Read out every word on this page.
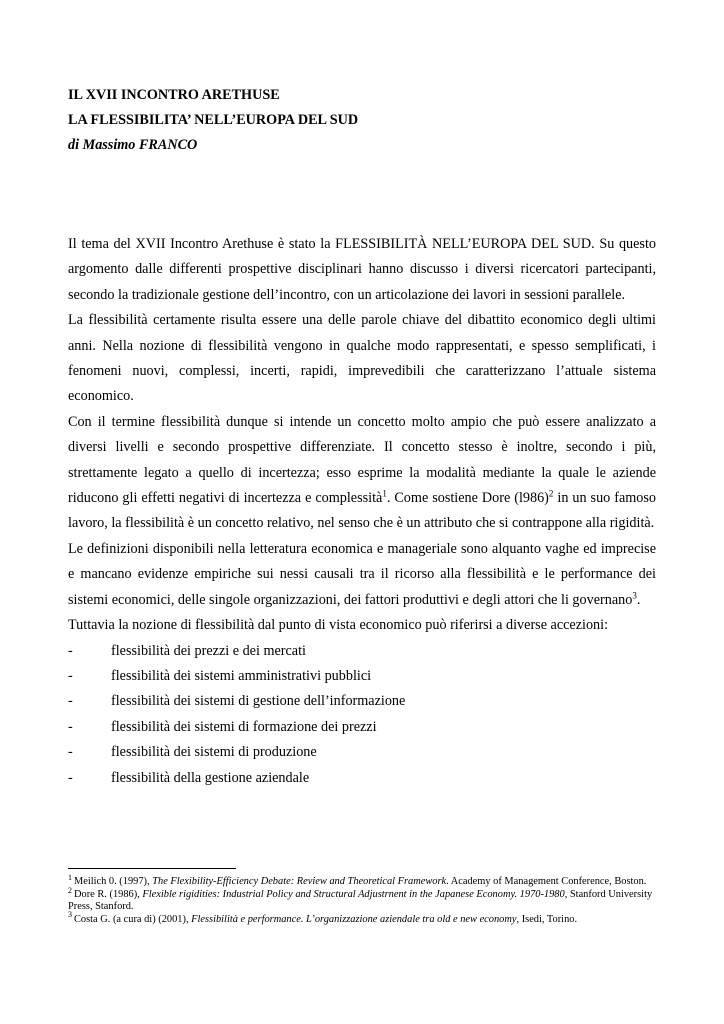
IL XVII INCONTRO ARETHUSE
LA FLESSIBILITA’ NELL’EUROPA DEL SUD
di Massimo FRANCO

Il tema del XVII Incontro Arethuse è stato la FLESSIBILITÀ NELL’EUROPA DEL SUD. Su questo argomento dalle differenti prospettive disciplinari hanno discusso i diversi ricercatori partecipanti, secondo la tradizionale gestione dell’incontro, con un articolazione dei lavori in sessioni parallele.

La flessibilità certamente risulta essere una delle parole chiave del dibattito economico degli ultimi anni. Nella nozione di flessibilità vengono in qualche modo rappresentati, e spesso semplificati, i fenomeni nuovi, complessi, incerti, rapidi, imprevedibili che caratterizzano l’attuale sistema economico.

Con il termine flessibilità dunque si intende un concetto molto ampio che può essere analizzato a diversi livelli e secondo prospettive differenziate. Il concetto stesso è inoltre, secondo i più, strettamente legato a quello di incertezza; esso esprime la modalità mediante la quale le aziende riducono gli effetti negativi di incertezza e complessità$^1$. Come sostiene Dore $(l986)^2$ in un suo famoso lavoro, la flessibilità è un concetto relativo, nel senso che è un attributo che si contrappone alla rigidità.

Le definizioni disponibili nella letteratura economica e manageriale sono alquanto vaghe ed imprecise e mancano evidenze empiriche sui nessi causali tra il ricorso alla flessibilità e le performance dei sistemi economici, delle singole organizzazioni, dei fattori produttivi e degli attori che li governano$^3$.

Tuttavia la nozione di flessibilità dal punto di vista economico può riferirsi a diverse accezioni:

-	flessibilità dei prezzi e dei mercati
-	flessibilità dei sistemi amministrativi pubblici
-	flessibilità dei sistemi di gestione dell’informazione
-	flessibilità dei sistemi di formazione dei prezzi
-	flessibilità dei sistemi di produzione
-	flessibilità della gestione aziendale

$^1$ Meilich 0. (1997), The Flexibility-Efficiency Debate: Review and Theoretical Framework. Academy of Management Conference, Boston.

$^2$ Dore R. (1986), Flexible rigidities: Industrial Policy and Structural Adjustrnent in the Japanese Economy. 1970-1980, Stanford University Press, Stanford.

$^3$ Costa G. (a cura di) (2001), Flessibilità e performance. L’organizzazione aziendale tra old e new economy, Isedi, Torino.
